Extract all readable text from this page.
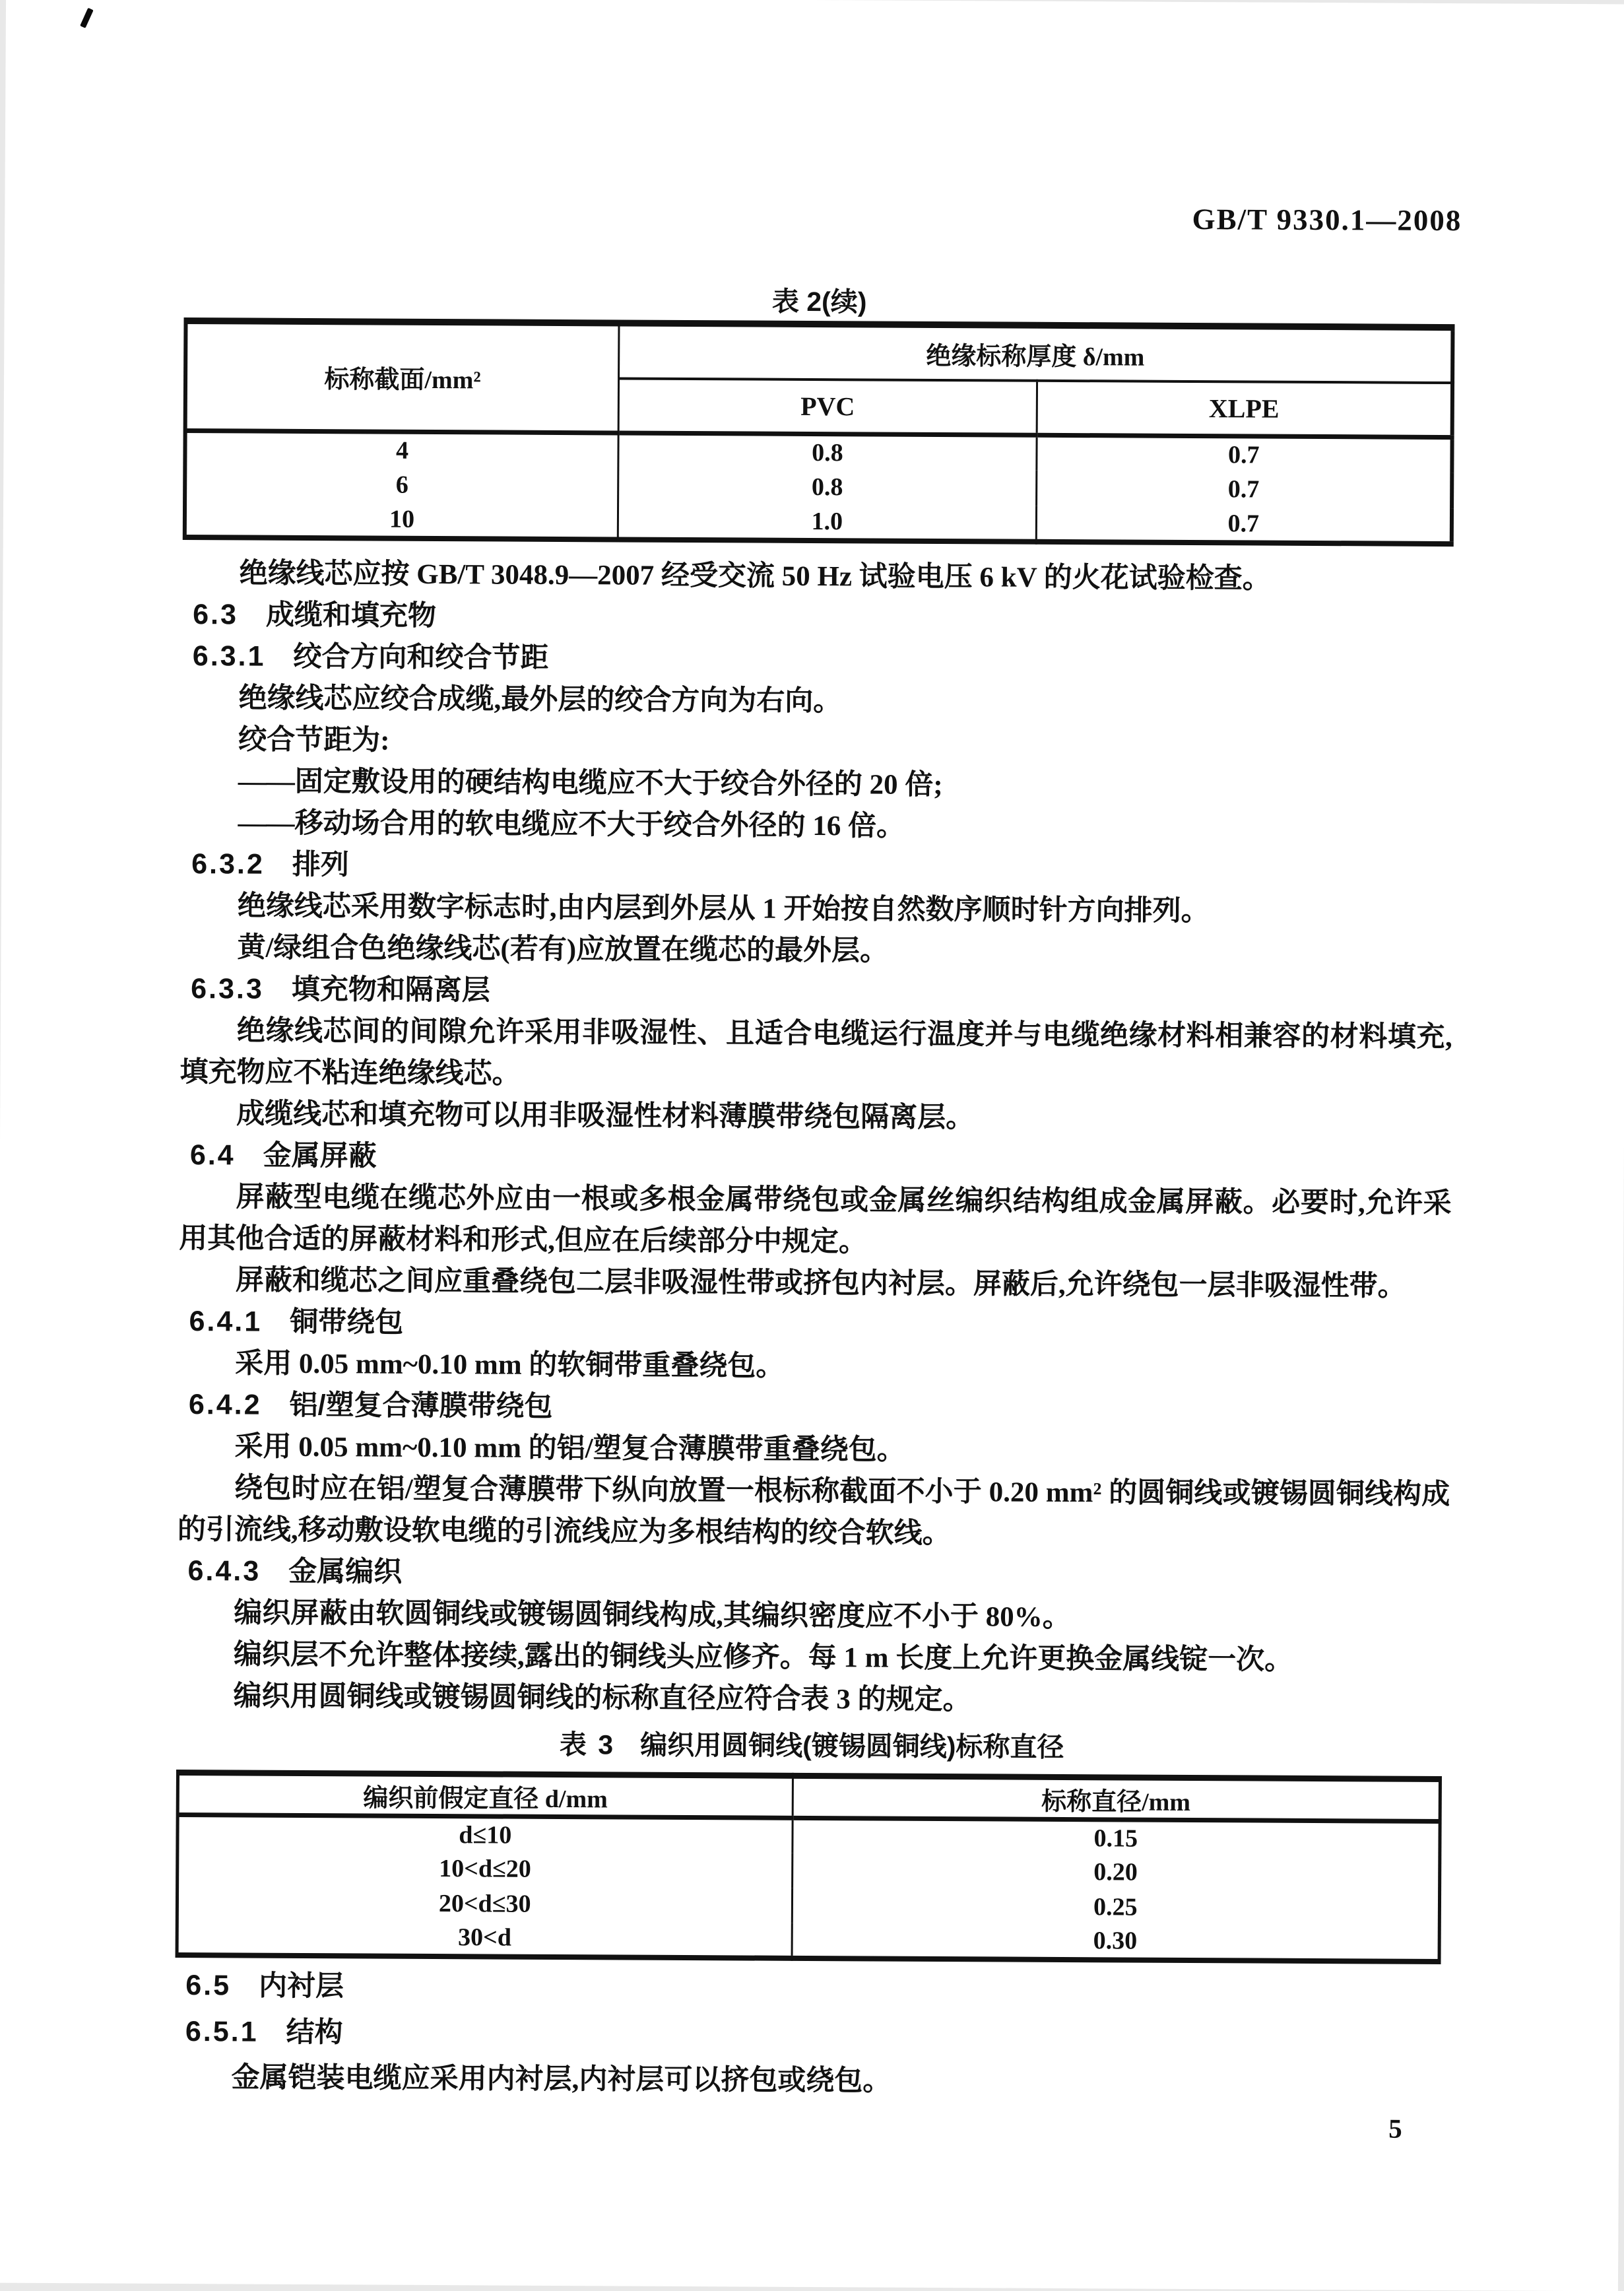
GB/T 9330.1—2008
表 2(续)
标称截面/mm²	绝缘标称厚度 δ/mm	
	PVC	XLPE
4	0.8	0.7
6	0.8	0.7
10	1.0	0.7

绝缘线芯应按 GB/T 3048.9—2007 经受交流 50 Hz 试验电压 6 kV 的火花试验检查。

6.3 成缆和填充物

6.3.1 绞合方向和绞合节距

绝缘线芯应绞合成缆,最外层的绞合方向为右向。

绞合节距为:

——固定敷设用的硬结构电缆应不大于绞合外径的 20 倍;

——移动场合用的软电缆应不大于绞合外径的 16 倍。

6.3.2 排列

绝缘线芯采用数字标志时,由内层到外层从 1 开始按自然数序顺时针方向排列。

黄/绿组合色绝缘线芯(若有)应放置在缆芯的最外层。

6.3.3 填充物和隔离层

绝缘线芯间的间隙允许采用非吸湿性、且适合电缆运行温度并与电缆绝缘材料相兼容的材料填充,填充物应不粘连绝缘线芯。

成缆线芯和填充物可以用非吸湿性材料薄膜带绕包隔离层。

6.4 金属屏蔽

屏蔽型电缆在缆芯外应由一根或多根金属带绕包或金属丝编织结构组成金属屏蔽。必要时,允许采用其他合适的屏蔽材料和形式,但应在后续部分中规定。

屏蔽和缆芯之间应重叠绕包二层非吸湿性带或挤包内衬层。屏蔽后,允许绕包一层非吸湿性带。

6.4.1 铜带绕包

采用 0.05 mm~0.10 mm 的软铜带重叠绕包。

6.4.2 铝/塑复合薄膜带绕包

采用 0.05 mm~0.10 mm 的铝/塑复合薄膜带重叠绕包。

绕包时应在铝/塑复合薄膜带下纵向放置一根标称截面不小于 0.20 mm² 的圆铜线或镀锡圆铜线构成的引流线,移动敷设软电缆的引流线应为多根结构的绞合软线。

6.4.3 金属编织

编织屏蔽由软圆铜线或镀锡圆铜线构成,其编织密度应不小于 80%。

编织层不允许整体接续,露出的铜线头应修齐。每 1 m 长度上允许更换金属线锭一次。

编织用圆铜线或镀锡圆铜线的标称直径应符合表 3 的规定。

表 3 编织用圆铜线(镀锡圆铜线)标称直径
编织前假定直径 d/mm	标称直径/mm
d≤10	0.15
10<d≤20	0.20
20<d≤30	0.25
30<d	0.30

6.5 内衬层

6.5.1 结构

金属铠装电缆应采用内衬层,内衬层可以挤包或绕包。

5
